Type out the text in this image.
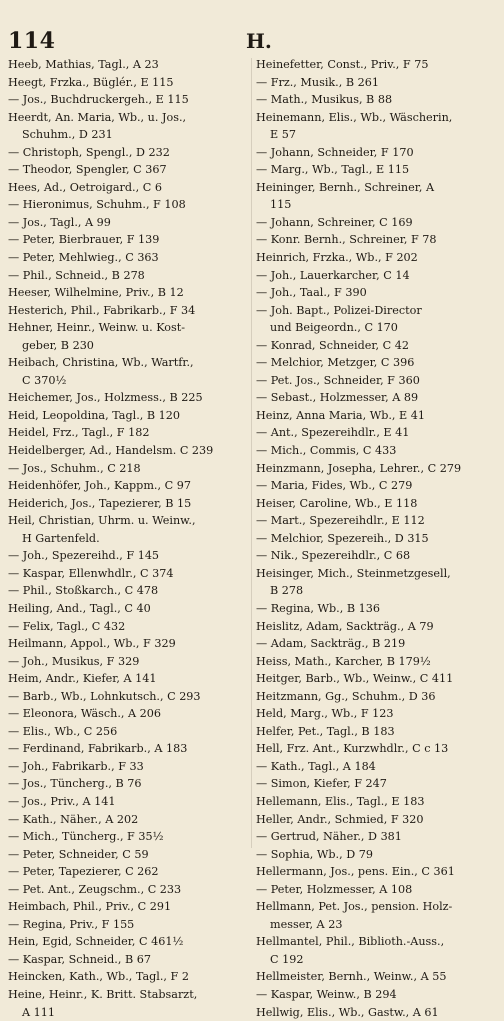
114	H.
Heeb, Mathias, Tagl., A 23
Heegt, Frzka., Büglér., E 115
— Jos., Buchdruckergeh., E 115
Heerdt, An. Maria, Wb., u. Jos.,
Schuhm., D 231
— Christoph, Spengl., D 232
— Theodor, Spengler, C 367
Hees, Ad., Oetroigard., C 6
— Hieronimus, Schuhm., F 108
— Jos., Tagl., A 99
— Peter, Bierbrauer, F 139
— Peter, Mehlwieg., C 363
— Phil., Schneid., B 278
Heeser, Wilhelmine, Priv., B 12
Hesterich, Phil., Fabrikarb., F 34
Hehner, Heinr., Weinw. u. Kost-
geber, B 230
Heibach, Christina, Wb., Wartfr.,
C 370½
Heichemer, Jos., Holzmess., B 225
Heid, Leopoldina, Tagl., B 120
Heidel, Frz., Tagl., F 182
Heidelberger, Ad., Handelsm. C 239
— Jos., Schuhm., C 218
Heidenhöfer, Joh., Kappm., C 97
Heiderich, Jos., Tapezierer, B 15
Heil, Christian, Uhrm. u. Weinw.,
H Gartenfeld.
— Joh., Spezereihd., F 145
— Kaspar, Ellenwhdlr., C 374
— Phil., Stoßkarch., C 478
Heiling, And., Tagl., C 40
— Felix, Tagl., C 432
Heilmann, Appol., Wb., F 329
— Joh., Musikus, F 329
Heim, Andr., Kiefer, A 141
— Barb., Wb., Lohnkutsch., C 293
— Eleonora, Wäsch., A 206
— Elis., Wb., C 256
— Ferdinand, Fabrikarb., A 183
— Joh., Fabrikarb., F 33
— Jos., Tüncherg., B 76
— Jos., Priv., A 141
— Kath., Näher., A 202
— Mich., Tüncherg., F 35½
— Peter, Schneider, C 59
— Peter, Tapezierer, C 262
— Pet. Ant., Zeugschm., C 233
Heimbach, Phil., Priv., C 291
— Regina, Priv., F 155
Hein, Egid, Schneider, C 461½
— Kaspar, Schneid., B 67
Heincken, Kath., Wb., Tagl., F 2
Heine, Heinr., K. Britt. Stabsarzt,
A 111
Heinefetter, Const., Priv., F 75
— Frz., Musik., B 261
— Math., Musikus, B 88
Heinemann, Elis., Wb., Wäscherin,
E 57
— Johann, Schneider, F 170
— Marg., Wb., Tagl., E 115
Heininger, Bernh., Schreiner, A
115
— Johann, Schreiner, C 169
— Konr. Bernh., Schreiner, F 78
Heinrich, Frzka., Wb., F 202
— Joh., Lauerkarcher, C 14
— Joh., Taal., F 390
— Joh. Bapt., Polizei-Director
und Beigeordn., C 170
— Konrad, Schneider, C 42
— Melchior, Metzger, C 396
— Pet. Jos., Schneider, F 360
— Sebast., Holzmesser, A 89
Heinz, Anna Maria, Wb., E 41
— Ant., Spezereihdlr., E 41
— Mich., Commis, C 433
Heinzmann, Josepha, Lehrer., C 279
— Maria, Fides, Wb., C 279
Heiser, Caroline, Wb., E 118
— Mart., Spezereihdlr., E 112
— Melchior, Spezereih., D 315
— Nik., Spezereihdlr., C 68
Heisinger, Mich., Steinmetzgesell,
B 278
— Regina, Wb., B 136
Heislitz, Adam, Sackträg., A 79
— Adam, Sackträg., B 219
Heiss, Math., Karcher, B 179½
Heitger, Barb., Wb., Weinw., C 411
Heitzmann, Gg., Schuhm., D 36
Held, Marg., Wb., F 123
Helfer, Pet., Tagl., B 183
Hell, Frz. Ant., Kurzwhdlr., C c 13
— Kath., Tagl., A 184
— Simon, Kiefer, F 247
Hellemann, Elis., Tagl., E 183
Heller, Andr., Schmied, F 320
— Gertrud, Näher., D 381
— Sophia, Wb., D 79
Hellermann, Jos., pens. Ein., C 361
— Peter, Holzmesser, A 108
Hellmann, Pet. Jos., pension. Holz-
messer, A 23
Hellmantel, Phil., Biblioth.-Auss.,
C 192
Hellmeister, Bernh., Weinw., A 55
— Kaspar, Weinw., B 294
Hellwig, Elis., Wb., Gastw., A 61
